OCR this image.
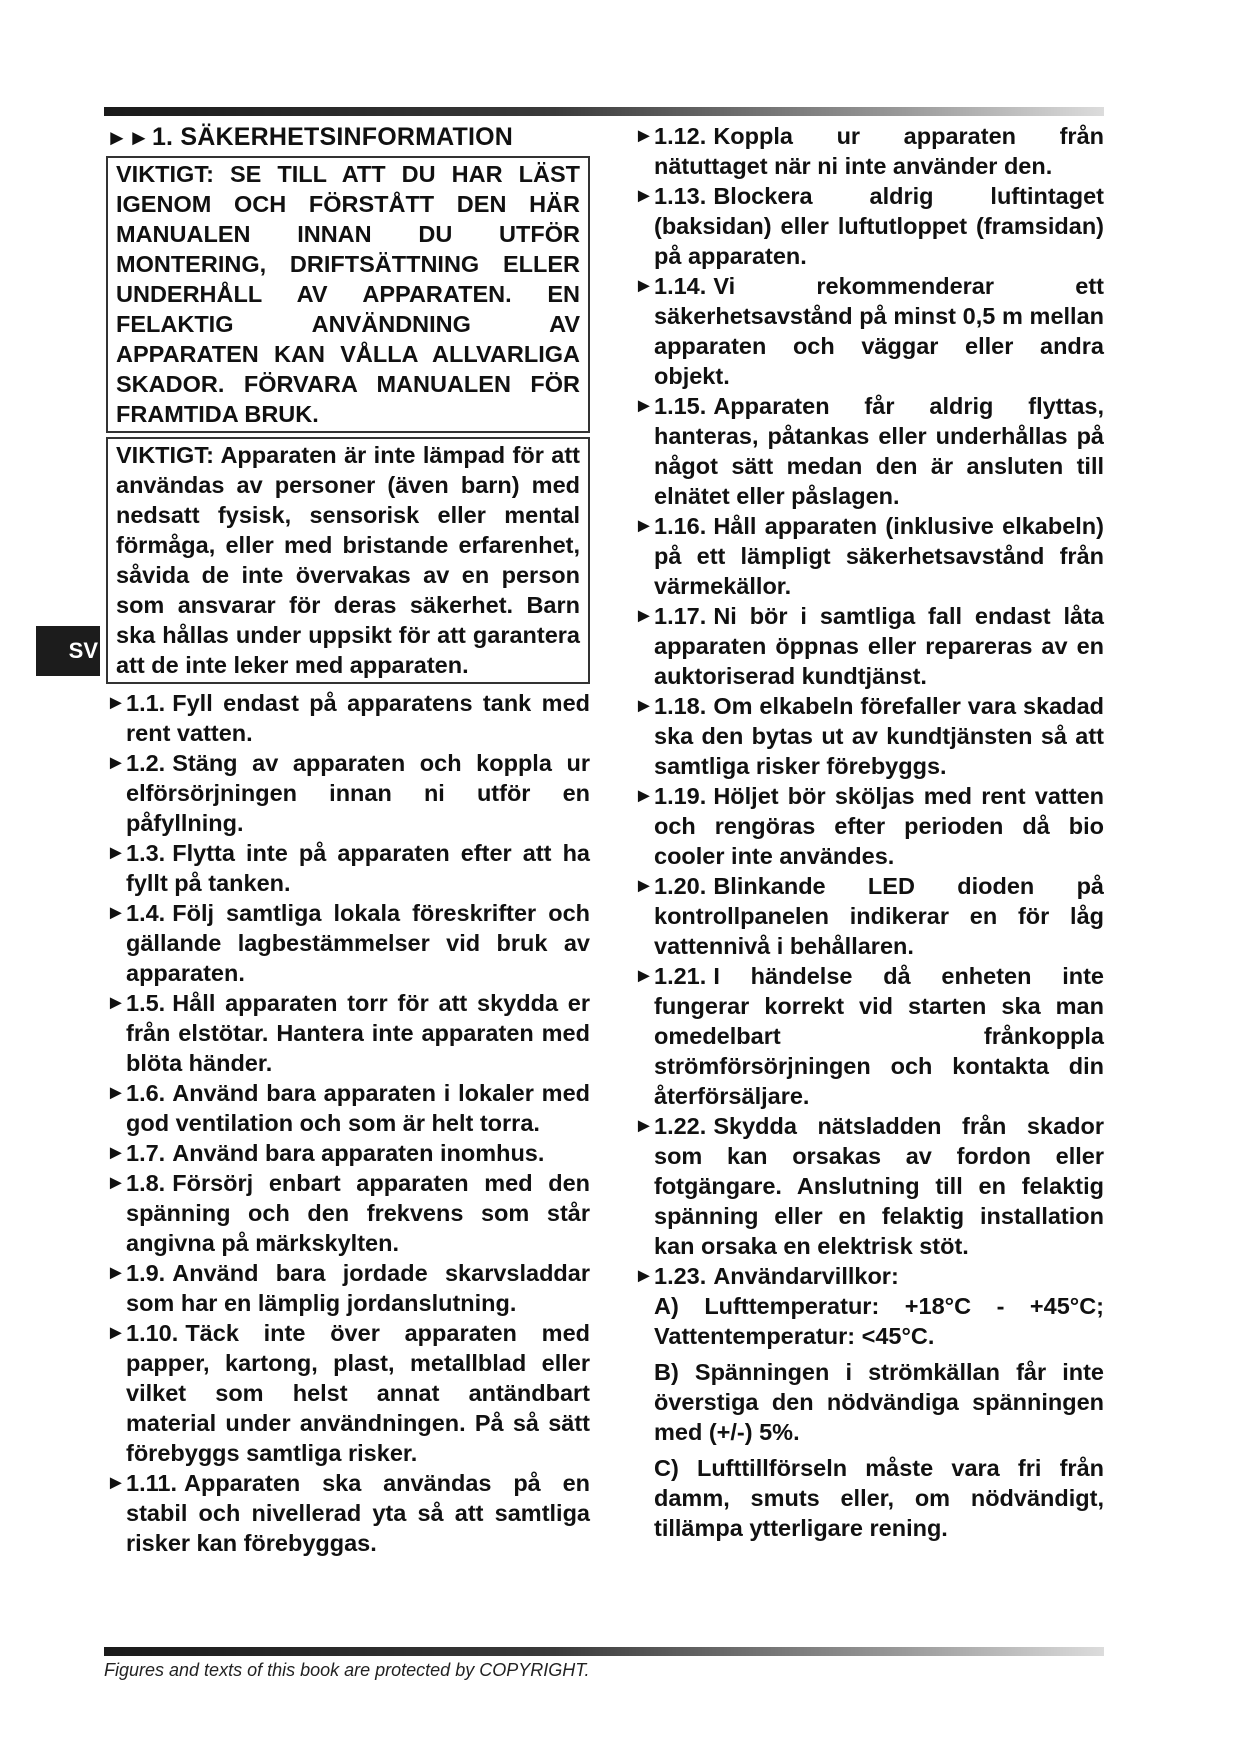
SV
►►1. SÄKERHETSINFORMATION
VIKTIGT: SE TILL ATT DU HAR LÄST IGENOM OCH FÖRSTÅTT DEN HÄR MANUALEN INNAN DU UTFÖR MONTERING, DRIFTSÄTTNING ELLER UNDERHÅLL AV APPARATEN. EN FELAKTIG ANVÄNDNING AV APPARATEN KAN VÅLLA ALLVARLIGA SKADOR. FÖRVARA MANUALEN FÖR FRAMTIDA BRUK.
VIKTIGT: Apparaten är inte lämpad för att användas av personer (även barn) med nedsatt fysisk, sensorisk eller mental förmåga, eller med bristande erfarenhet, såvida de inte övervakas av en person som ansvarar för deras säkerhet. Barn ska hållas under uppsikt för att garantera att de inte leker med apparaten.
► 1.1. Fyll endast på apparatens tank med rent vatten.
► 1.2. Stäng av apparaten och koppla ur elförsörjningen innan ni utför en påfyllning.
► 1.3. Flytta inte på apparaten efter att ha fyllt på tanken.
► 1.4. Följ samtliga lokala föreskrifter och gällande lagbestämmelser vid bruk av apparaten.
► 1.5. Håll apparaten torr för att skydda er från elstötar. Hantera inte apparaten med blöta händer.
► 1.6. Använd bara apparaten i lokaler med god ventilation och som är helt torra.
► 1.7. Använd bara apparaten inomhus.
► 1.8. Försörj enbart apparaten med den spänning och den frekvens som står angivna på märkskylten.
► 1.9. Använd bara jordade skarvsladdar som har en lämplig jordanslutning.
► 1.10. Täck inte över apparaten med papper, kartong, plast, metallblad eller vilket som helst annat antändbart material under användningen. På så sätt förebyggs samtliga risker.
► 1.11. Apparaten ska användas på en stabil och nivellerad yta så att samtliga risker kan förebyggas.
► 1.12. Koppla ur apparaten från nätuttaget när ni inte använder den.
► 1.13. Blockera aldrig luftintaget (baksidan) eller luftutloppet (framsidan) på apparaten.
► 1.14. Vi rekommenderar ett säkerhetsavstånd på minst 0,5 m mellan apparaten och väggar eller andra objekt.
► 1.15. Apparaten får aldrig flyttas, hanteras, påtankas eller underhållas på något sätt medan den är ansluten till elnätet eller påslagen.
► 1.16. Håll apparaten (inklusive elkabeln) på ett lämpligt säkerhetsavstånd från värmekällor.
► 1.17. Ni bör i samtliga fall endast låta apparaten öppnas eller repareras av en auktoriserad kundtjänst.
► 1.18. Om elkabeln förefaller vara skadad ska den bytas ut av kundtjänsten så att samtliga risker förebyggs.
► 1.19. Höljet bör sköljas med rent vatten och rengöras efter perioden då bio cooler inte användes.
► 1.20. Blinkande LED dioden på kontrollpanelen indikerar en för låg vattennivå i behållaren.
► 1.21. I händelse då enheten inte fungerar korrekt vid starten ska man omedelbart frånkoppla strömförsörjningen och kontakta din återförsäljare.
► 1.22. Skydda nätsladden från skador som kan orsakas av fordon eller fotgängare. Anslutning till en felaktig spänning eller en felaktig installation kan orsaka en elektrisk stöt.
► 1.23. Användarvillkor:
A) Lufttemperatur: +18°C - +45°C; Vattentemperatur: <45°C.
B) Spänningen i strömkällan får inte överstiga den nödvändiga spänningen med (+/-) 5%.
C) Lufttillförseln måste vara fri från damm, smuts eller, om nödvändigt, tillämpa ytterligare rening.
Figures and texts of this book are protected by COPYRIGHT.
